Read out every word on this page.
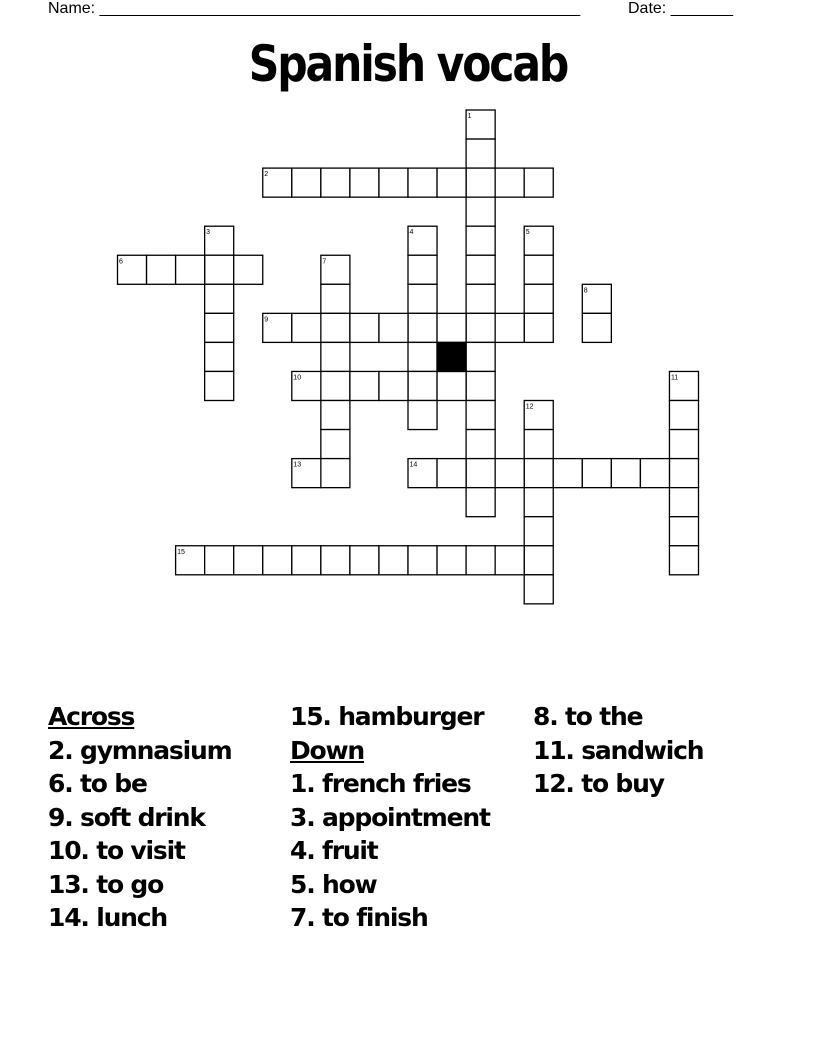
Name: ______________________________________________________	Date: _______
Spanish vocab
1
2
3	4	5
6	7
8
9
10	11
12
13	14
15
Across
2. gymnasium
6. to be
9. soft drink
10. to visit
13. to go
14. lunch
15. hamburger
Down
1. french fries
3. appointment
4. fruit
5. how
7. to finish
8. to the
11. sandwich
12. to buy
